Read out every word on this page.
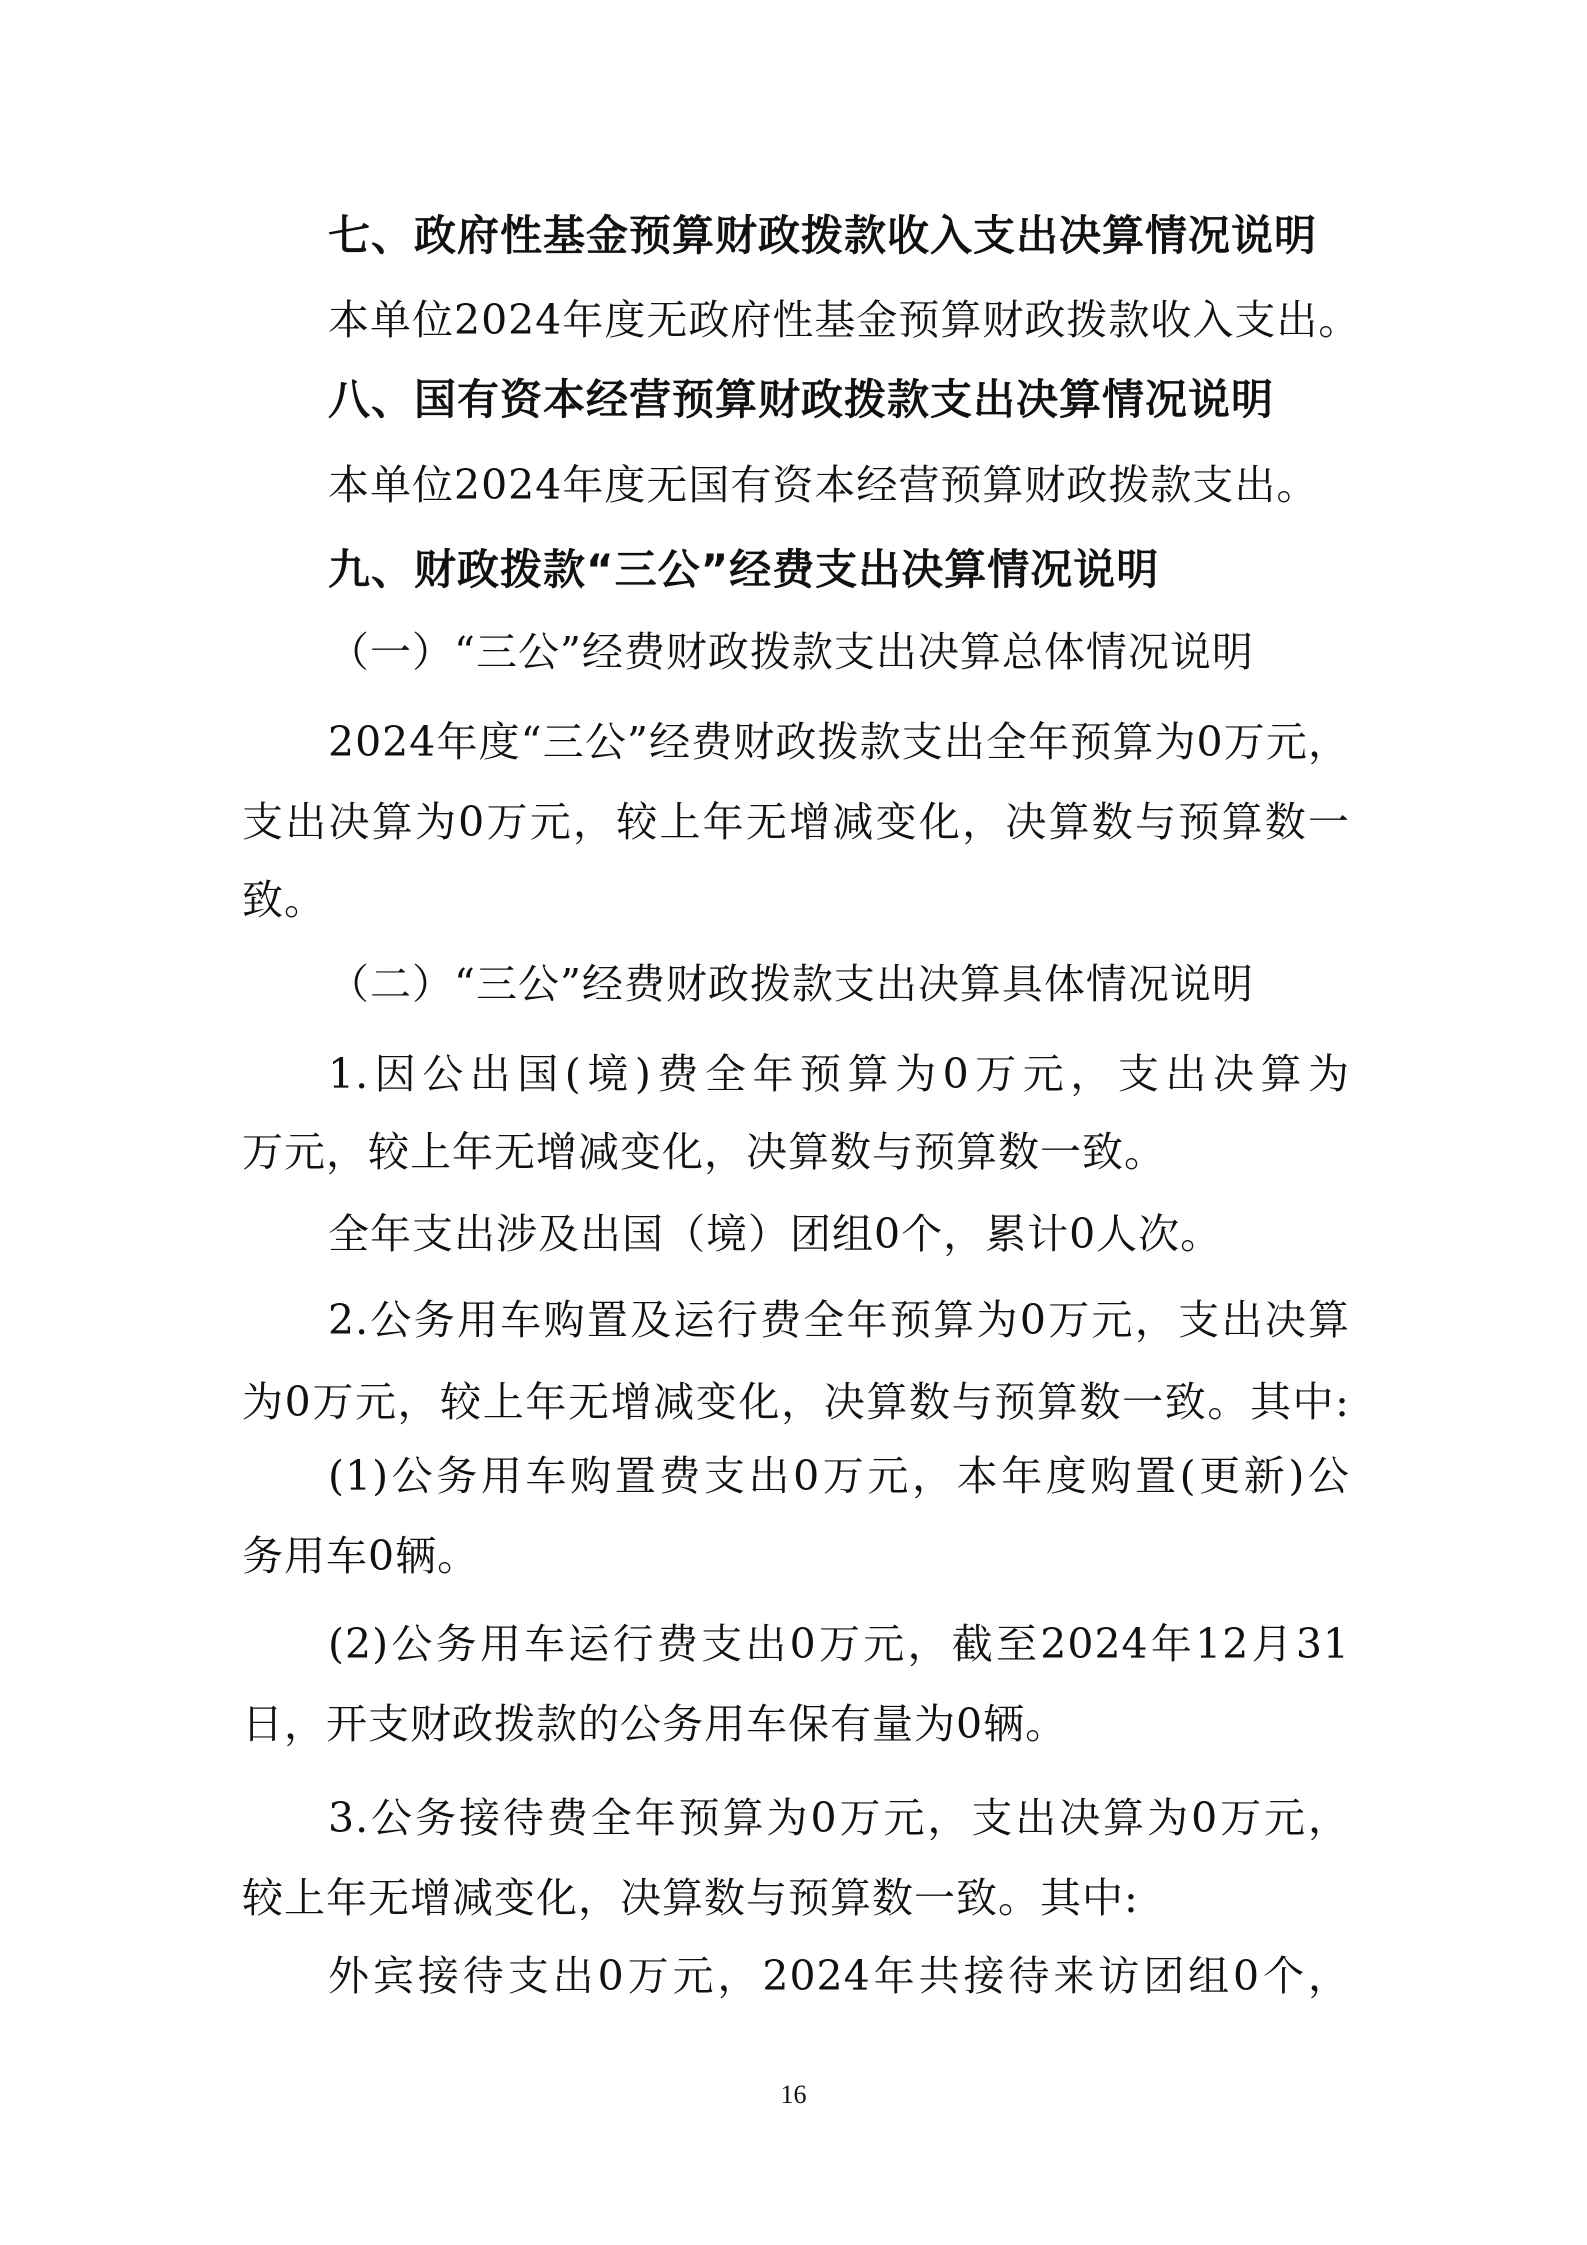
七、政府性基金预算财政拨款收入支出决算情况说明
本单位2024年度无政府性基金预算财政拨款收入支出。
八、国有资本经营预算财政拨款支出决算情况说明
本单位2024年度无国有资本经营预算财政拨款支出。
九、财政拨款“三公”经费支出决算情况说明
（一）“三公”经费财政拨款支出决算总体情况说明
2024年度“三公”经费财政拨款支出全年预算为0万元，
支出决算为0万元，较上年无增减变化，决算数与预算数一
致。
（二）“三公”经费财政拨款支出决算具体情况说明
1.因公出国(境)费全年预算为0万元，支出决算为
万元，较上年无增减变化，决算数与预算数一致。
全年支出涉及出国（境）团组0个，累计0人次。
2.公务用车购置及运行费全年预算为0万元，支出决算
为0万元，较上年无增减变化，决算数与预算数一致。其中:
(1)公务用车购置费支出0万元，本年度购置(更新)公
务用车0辆。
(2)公务用车运行费支出0万元，截至2024年12月31
日，开支财政拨款的公务用车保有量为0辆。
3.公务接待费全年预算为0万元，支出决算为0万元，
较上年无增减变化，决算数与预算数一致。其中:
外宾接待支出0万元，2024年共接待来访团组0个，
16
